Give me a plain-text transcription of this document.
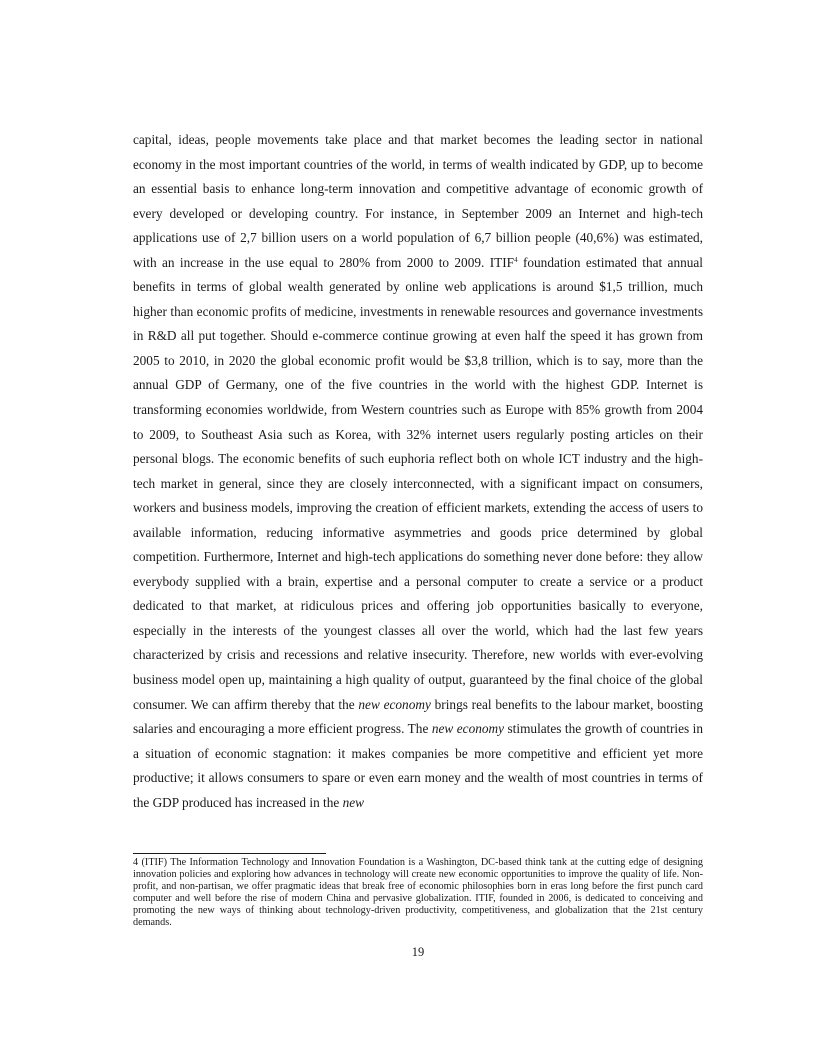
capital, ideas, people movements take place and that market becomes the leading sector in national economy in the most important countries of the world, in terms of wealth indicated by GDP, up to become an essential basis to enhance long-term innovation and competitive advantage of economic growth of every developed or developing country. For instance, in September 2009 an Internet and high-tech applications use of 2,7 billion users on a world population of 6,7 billion people (40,6%) was estimated, with an increase in the use equal to 280% from 2000 to 2009. ITIF$^4$ foundation estimated that annual benefits in terms of global wealth generated by online web applications is around $1,5 trillion, much higher than economic profits of medicine, investments in renewable resources and governance investments in R&D all put together. Should e-commerce continue growing at even half the speed it has grown from 2005 to 2010, in 2020 the global economic profit would be $3,8 trillion, which is to say, more than the annual GDP of Germany, one of the five countries in the world with the highest GDP. Internet is transforming economies worldwide, from Western countries such as Europe with 85% growth from 2004 to 2009, to Southeast Asia such as Korea, with 32% internet users regularly posting articles on their personal blogs. The economic benefits of such euphoria reflect both on whole ICT industry and the high-tech market in general, since they are closely interconnected, with a significant impact on consumers, workers and business models, improving the creation of efficient markets, extending the access of users to available information, reducing informative asymmetries and goods price determined by global competition. Furthermore, Internet and high-tech applications do something never done before: they allow everybody supplied with a brain, expertise and a personal computer to create a service or a product dedicated to that market, at ridiculous prices and offering job opportunities basically to everyone, especially in the interests of the youngest classes all over the world, which had the last few years characterized by crisis and recessions and relative insecurity. Therefore, new worlds with ever-evolving business model open up, maintaining a high quality of output, guaranteed by the final choice of the global consumer. We can affirm thereby that the new economy brings real benefits to the labour market, boosting salaries and encouraging a more efficient progress. The new economy stimulates the growth of countries in a situation of economic stagnation: it makes companies be more competitive and efficient yet more productive; it allows consumers to spare or even earn money and the wealth of most countries in terms of the GDP produced has increased in the new

4 (ITIF) The Information Technology and Innovation Foundation is a Washington, DC-based think tank at the cutting edge of designing innovation policies and exploring how advances in technology will create new economic opportunities to improve the quality of life. Non-profit, and non-partisan, we offer pragmatic ideas that break free of economic philosophies born in eras long before the first punch card computer and well before the rise of modern China and pervasive globalization. ITIF, founded in 2006, is dedicated to conceiving and promoting the new ways of thinking about technology-driven productivity, competitiveness, and globalization that the 21st century demands.

19
